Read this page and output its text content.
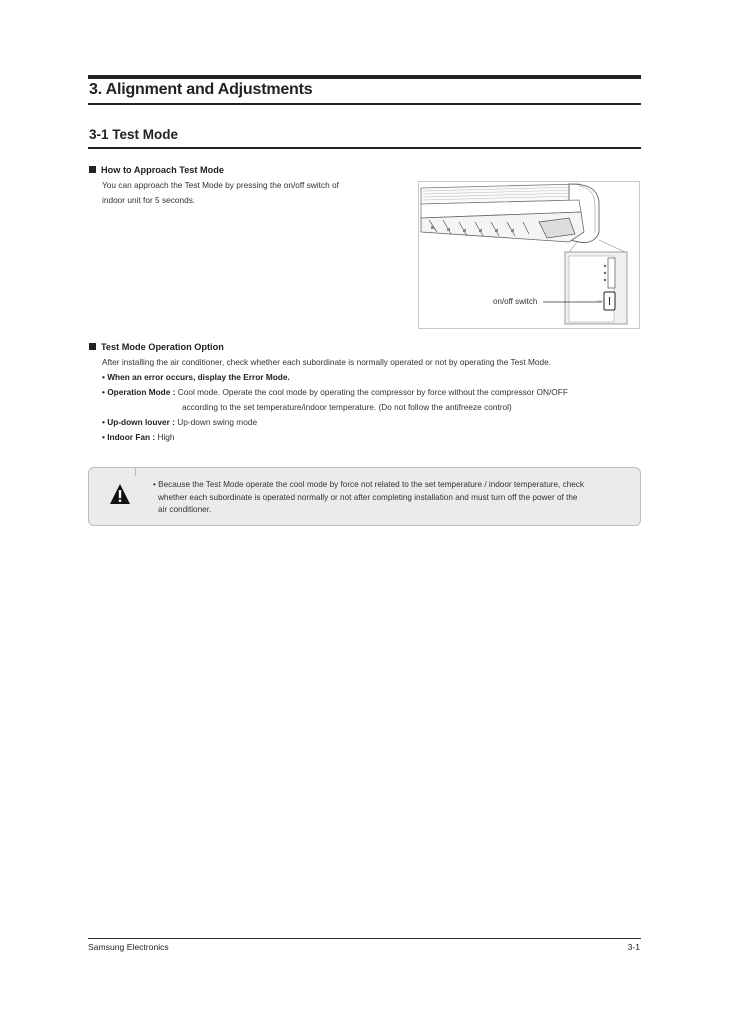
3. Alignment and Adjustments
3-1 Test Mode
How to Approach Test Mode
You can approach the Test Mode by pressing the on/off switch of
indoor unit for 5 seconds.
on/off switch
Test Mode Operation Option
After installing the air conditioner, check whether each subordinate is normally operated or not by operating the Test Mode.
• When an error occurs, display the Error Mode.
• Operation Mode : Cool mode. Operate the cool mode by operating the compressor by force without the compressor ON/OFF
according to the set temperature/indoor temperature. (Do not follow the antifreeze control)
• Up-down louver : Up-down swing mode
• Indoor Fan : High
• Because the Test Mode operate the cool mode by force not related to the set temperature / indoor temperature, check
whether each subordinate is operated normally or not after completing installation and must turn off the power of the
air conditioner.
Samsung Electronics	3-1
